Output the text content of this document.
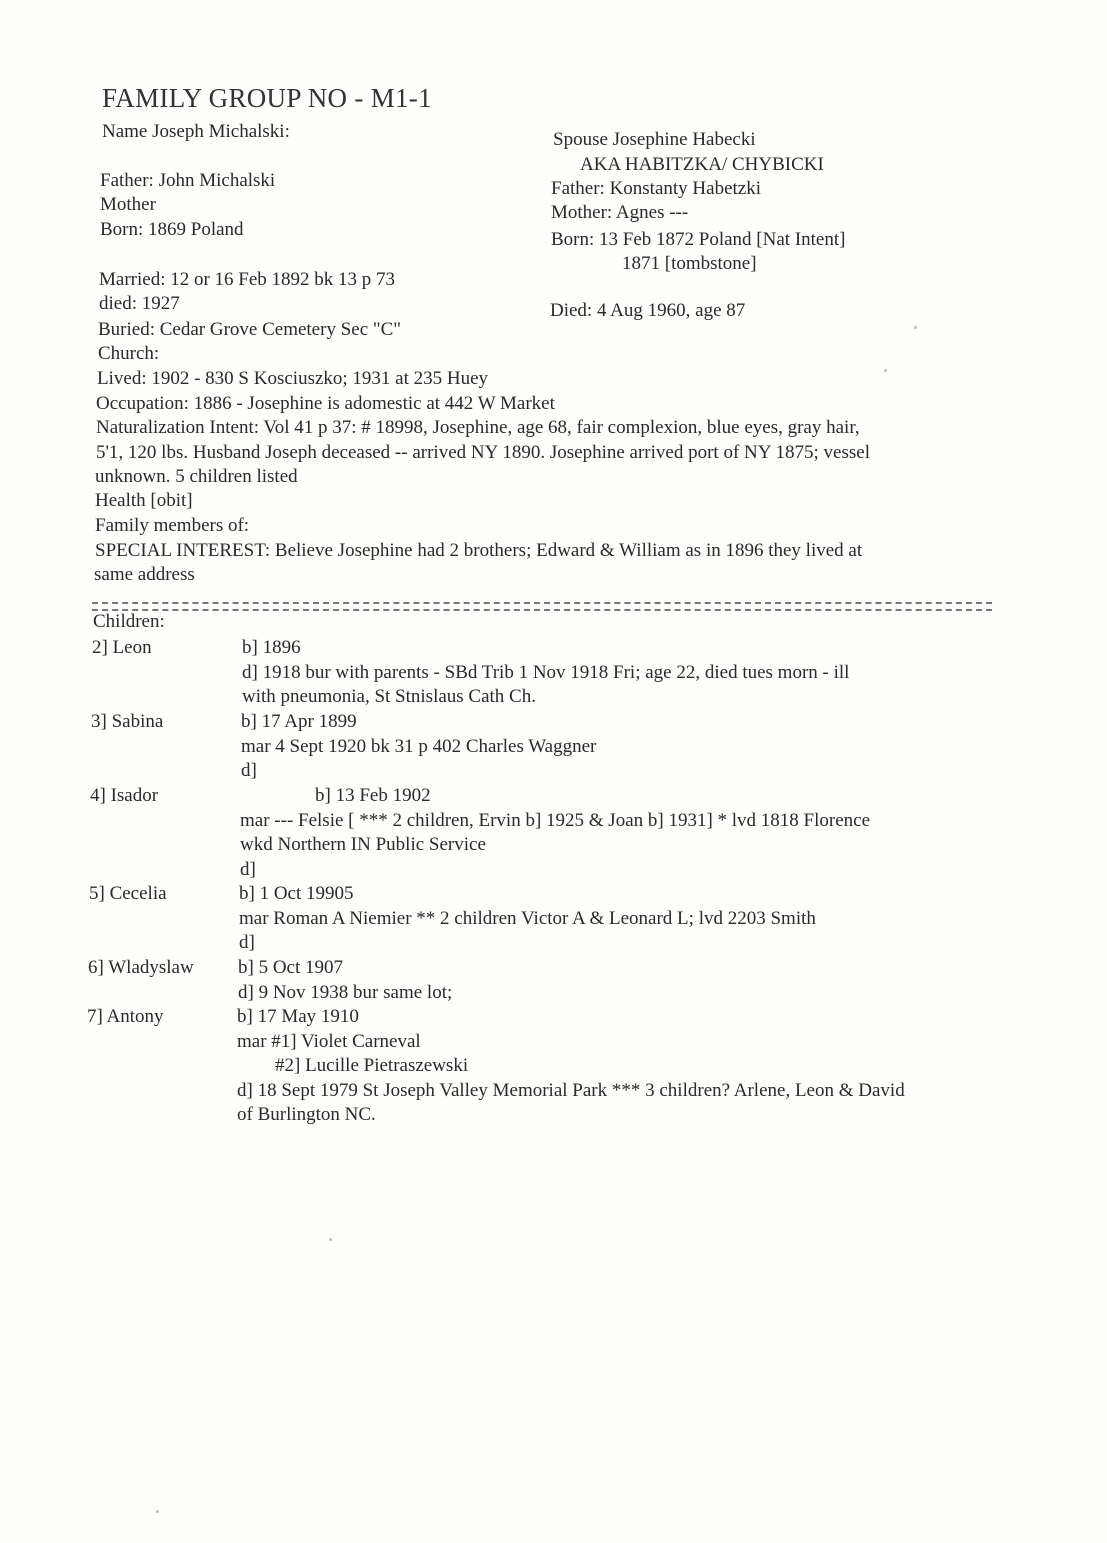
FAMILY GROUP NO - M1-1
Name Joseph Michalski:
Father: John Michalski
Mother
Born: 1869 Poland
Married: 12 or 16 Feb 1892 bk 13 p 73
died: 1927
Buried: Cedar Grove Cemetery Sec "C"
Church:
Lived: 1902 - 830 S Kosciuszko; 1931 at 235 Huey
Occupation: 1886 - Josephine is adomestic at 442 W Market
Naturalization Intent: Vol 41 p 37: # 18998, Josephine, age 68, fair complexion, blue eyes, gray hair,
5'1, 120 lbs. Husband Joseph deceased -- arrived NY 1890. Josephine arrived port of NY 1875; vessel
unknown. 5 children listed
Health [obit]
Family members of:
SPECIAL INTEREST: Believe Josephine had 2 brothers; Edward & William as in 1896 they lived at
same address
Spouse Josephine Habecki
AKA HABITZKA/ CHYBICKI
Father: Konstanty Habetzki
Mother: Agnes ---
Born: 13 Feb 1872 Poland [Nat Intent]
1871 [tombstone]
Died: 4 Aug 1960, age 87
Children:
2] Leon	b] 1896
d] 1918 bur with parents - SBd Trib 1 Nov 1918 Fri; age 22, died tues morn - ill
with pneumonia, St Stnislaus Cath Ch.
3] Sabina	b] 17 Apr 1899
mar 4 Sept 1920 bk 31 p 402 Charles Waggner
d]
4] Isador	b] 13 Feb 1902
mar --- Felsie [ *** 2 children, Ervin b] 1925 & Joan b] 1931] * lvd 1818 Florence
wkd Northern IN Public Service
d]
5] Cecelia	b] 1 Oct 19905
mar Roman A Niemier ** 2 children Victor A & Leonard L; lvd 2203 Smith
d]
6] Wladyslaw b] 5 Oct 1907
d] 9 Nov 1938 bur same lot;
7] Antony	b] 17 May 1910
mar #1] Violet Carneval
#2] Lucille Pietraszewski
d] 18 Sept 1979 St Joseph Valley Memorial Park *** 3 children? Arlene, Leon & David
of Burlington NC.
